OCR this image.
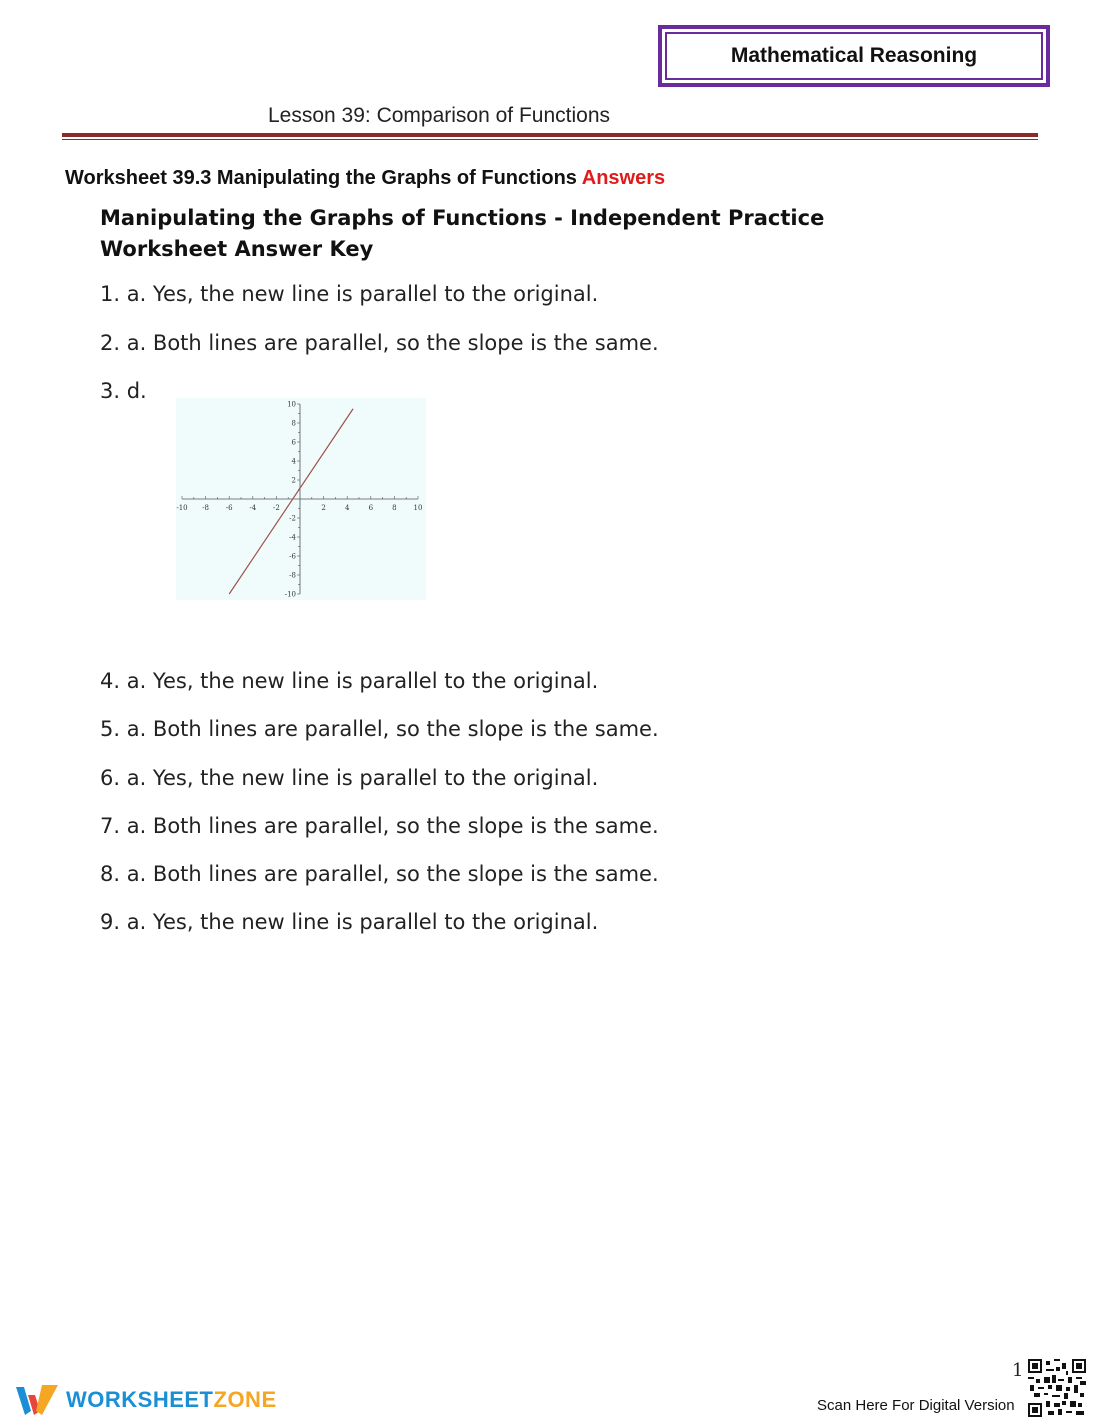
Mathematical Reasoning
Lesson 39: Comparison of Functions
Worksheet 39.3 Manipulating the Graphs of Functions Answers
Manipulating the Graphs of Functions - Independent Practice
Worksheet Answer Key
1. a. Yes, the new line is parallel to the original.
2. a. Both lines are parallel, so the slope is the same.
3. d.
-10 -8 -6 -4 -2	2	4	6	8 10
10
8
6
4
2
-2
-4
-6
-8
-10
4. a. Yes, the new line is parallel to the original.
5. a. Both lines are parallel, so the slope is the same.
6. a. Yes, the new line is parallel to the original.
7. a. Both lines are parallel, so the slope is the same.
8. a. Both lines are parallel, so the slope is the same.
9. a. Yes, the new line is parallel to the original.
WORKSHEETZONE
1
Scan Here For Digital Version
